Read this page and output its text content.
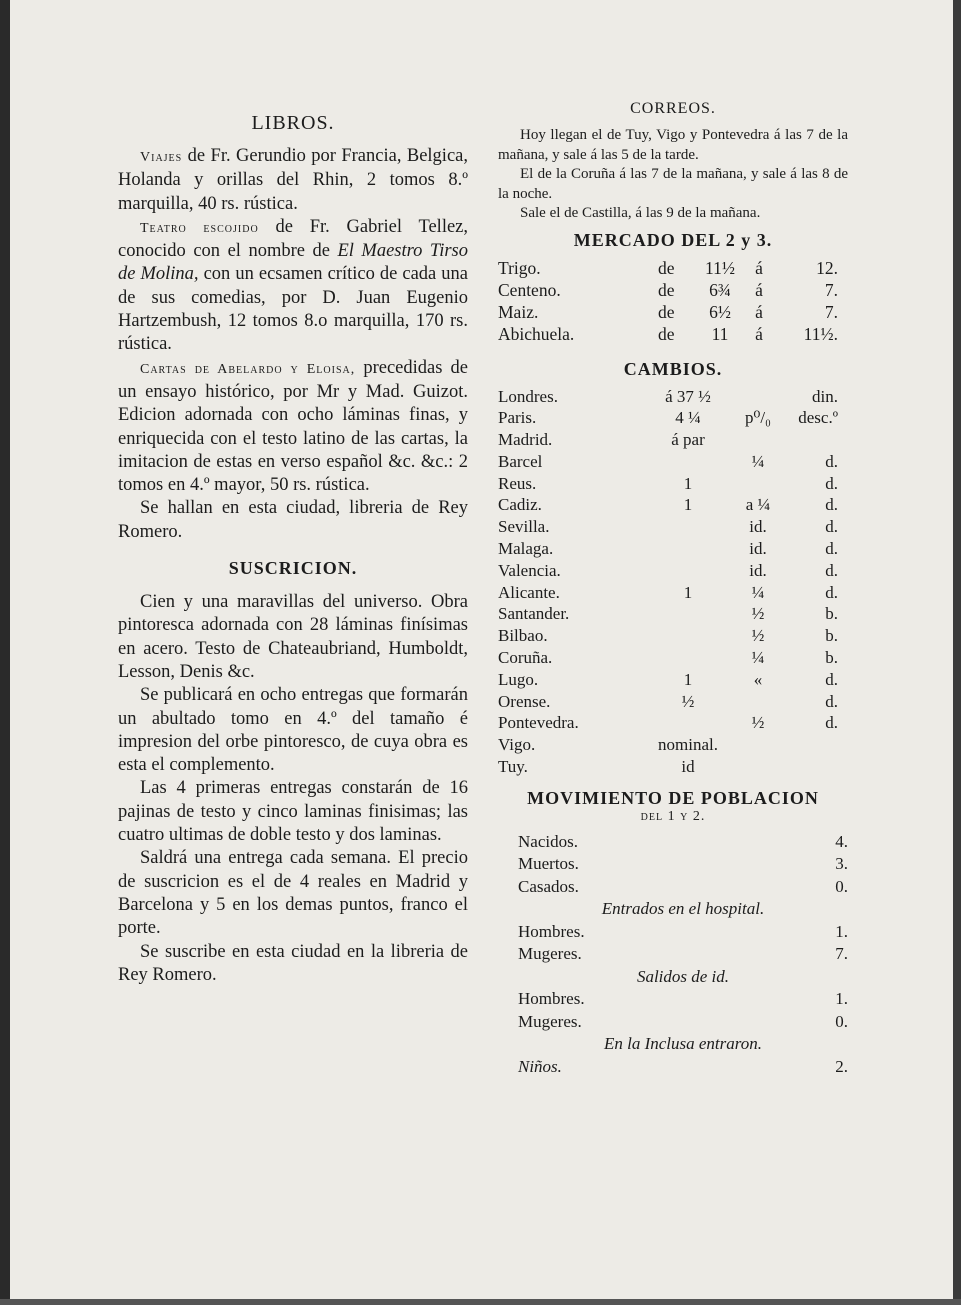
LIBROS.

Viajes de Fr. Gerundio por Francia, Belgica, Holanda y orillas del Rhin, 2 tomos 8.º marquilla, 40 rs. rústica.

Teatro escojido de Fr. Gabriel Tellez, conocido con el nombre de El Maestro Tirso de Molina, con un ecsamen crítico de cada una de sus comedias, por D. Juan Eugenio Hartzembush, 12 tomos 8.o marquilla, 170 rs. rústica.

Cartas de Abelardo y Eloisa, precedidas de un ensayo histórico, por Mr y Mad. Guizot. Edicion adornada con ocho láminas finas, y enriquecida con el testo latino de las cartas, la imitacion de estas en verso español &c. &c.: 2 tomos en 4.º mayor, 50 rs. rústica.

Se hallan en esta ciudad, libreria de Rey Romero.

SUSCRICION.

Cien y una maravillas del universo. Obra pintoresca adornada con 28 láminas finísimas en acero. Testo de Chateaubriand, Humboldt, Lesson, Denis &c.

Se publicará en ocho entregas que formarán un abultado tomo en 4.º del tamaño é impresion del orbe pintoresco, de cuya obra es esta el complemento.

Las 4 primeras entregas constarán de 16 pajinas de testo y cinco laminas finisimas; las cuatro ultimas de doble testo y dos laminas.

Saldrá una entrega cada semana. El precio de suscricion es el de 4 reales en Madrid y Barcelona y 5 en los demas puntos, franco el porte.

Se suscribe en esta ciudad en la libreria de Rey Romero.

CORREOS.

Hoy llegan el de Tuy, Vigo y Pontevedra á las 7 de la mañana, y sale á las 5 de la tarde.

El de la Coruña á las 7 de la mañana, y sale á las 8 de la noche.

Sale el de Castilla, á las 9 de la mañana.

MERCADO DEL 2 y 3.
Trigo.	de	11½	á	12.
Centeno.	de	6¾	á	7.
Maiz.	de	6½	á	7.
Abichuela.	de	11	á	11½.
CAMBIOS.
Londres.	á 37 ½		din.
Paris.	4 ¼	p⁰/₀	desc.º
Madrid.	á par		
Barcel		¼	d.
Reus.	1		d.
Cadiz.	1	a ¼	d.
Sevilla.		id.	d.
Malaga.		id.	d.
Valencia.		id.	d.
Alicante.	1	¼	d.
Santander.		½	b.
Bilbao.		½	b.
Coruña.		¼	b.
Lugo.	1	«	d.
Orense.	½		d.
Pontevedra.		½	d.
Vigo.	nominal.		
Tuy.	id		
MOVIMIENTO DE POBLACION
del 1 y 2.
Nacidos.	4.
Muertos.	3.
Casados.	0.
Entrados en el hospital.	
Hombres.	1.
Mugeres.	7.
Salidos de id.	
Hombres.	1.
Mugeres.	0.
En la Inclusa entraron.	
Niños.	2.
